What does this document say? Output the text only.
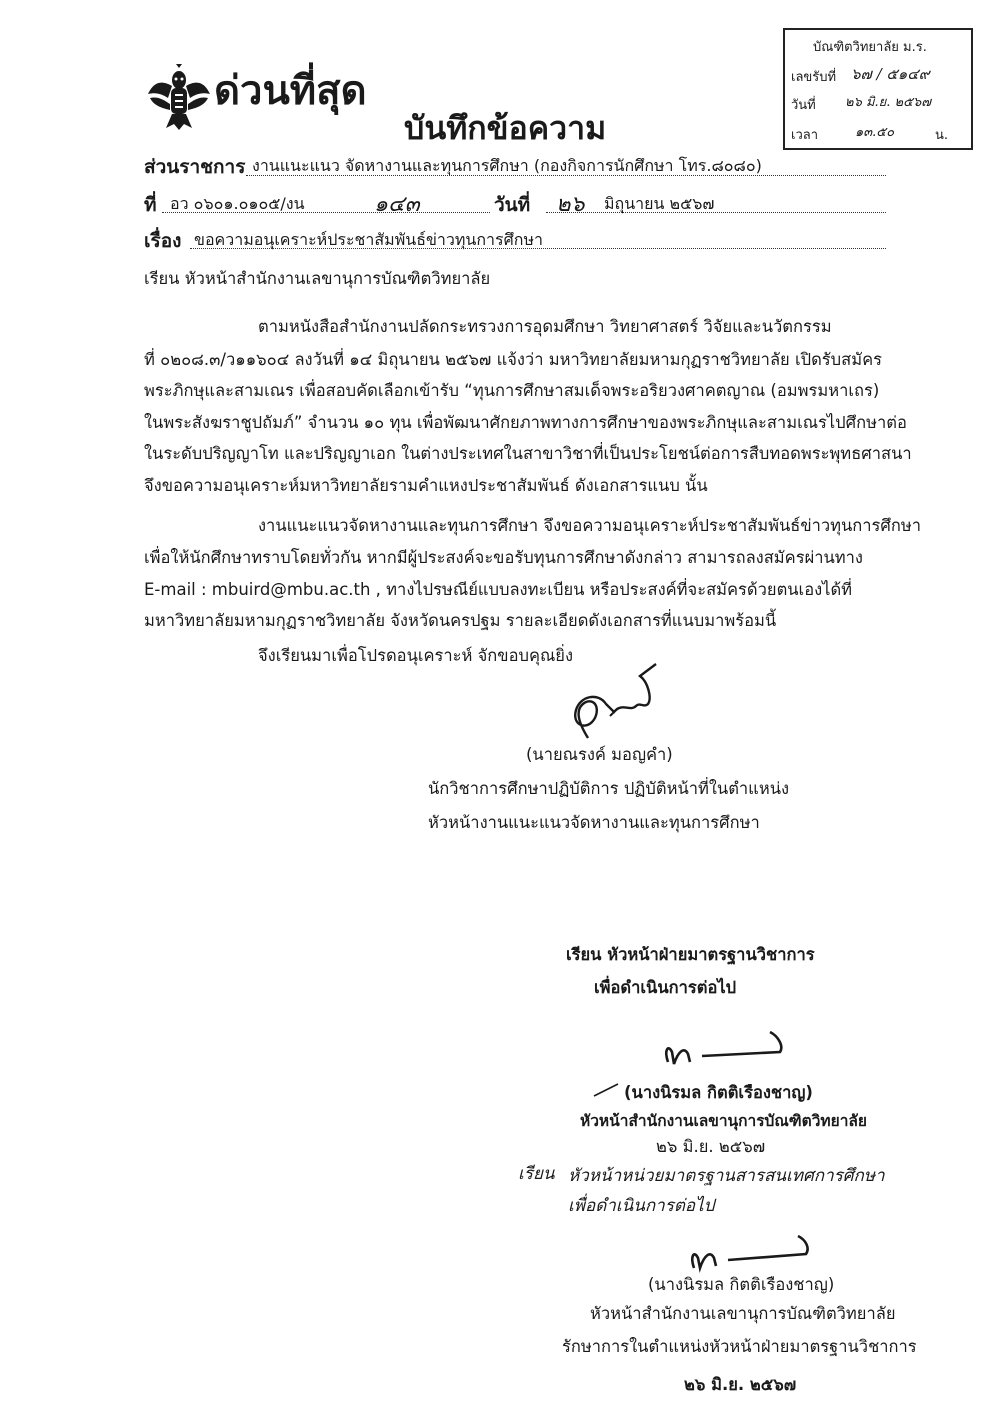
บัณฑิตวิทยาลัย ม.ร.
เลขรับที่ ๖๗ / ๕๑๔๙
วันที่ ๒๖ มิ.ย. ๒๕๖๗
เวลา	๑๓.๕๐	น.
ด่วนที่สุด
บันทึกข้อความ
ส่วนราชการ งานแนะแนว จัดหางานและทุนการศึกษา (กองกิจการนักศึกษา โทร.๘๐๘๐)
ที่ อว ๐๖๐๑.๐๑๐๕/งน	๑๔๓	วันที่ ๒๖ มิถุนายน ๒๕๖๗
เรื่อง ขอความอนุเคราะห์ประชาสัมพันธ์ข่าวทุนการศึกษา
เรียน หัวหน้าสำนักงานเลขานุการบัณฑิตวิทยาลัย
ตามหนังสือสำนักงานปลัดกระทรวงการอุดมศึกษา วิทยาศาสตร์ วิจัยและนวัตกรรม
ที่ ๐๒๐๘.๓/ว๑๑๖๐๔ ลงวันที่ ๑๔ มิถุนายน ๒๕๖๗ แจ้งว่า มหาวิทยาลัยมหามกุฏราชวิทยาลัย เปิดรับสมัคร
พระภิกษุและสามเณร เพื่อสอบคัดเลือกเข้ารับ “ทุนการศึกษาสมเด็จพระอริยวงศาคตญาณ (อมพรมหาเถร)
ในพระสังฆราชูปถัมภ์” จำนวน ๑๐ ทุน เพื่อพัฒนาศักยภาพทางการศึกษาของพระภิกษุและสามเณรไปศึกษาต่อ
ในระดับปริญญาโท และปริญญาเอก ในต่างประเทศในสาขาวิชาที่เป็นประโยชน์ต่อการสืบทอดพระพุทธศาสนา
จึงขอความอนุเคราะห์มหาวิทยาลัยรามคำแหงประชาสัมพันธ์ ดังเอกสารแนบ นั้น
งานแนะแนวจัดหางานและทุนการศึกษา จึงขอความอนุเคราะห์ประชาสัมพันธ์ข่าวทุนการศึกษา
เพื่อให้นักศึกษาทราบโดยทั่วกัน หากมีผู้ประสงค์จะขอรับทุนการศึกษาดังกล่าว สามารถลงสมัครผ่านทาง
E-mail : mbuird@mbu.ac.th , ทางไปรษณีย์แบบลงทะเบียน หรือประสงค์ที่จะสมัครด้วยตนเองได้ที่
มหาวิทยาลัยมหามกุฏราชวิทยาลัย จังหวัดนครปฐม รายละเอียดดังเอกสารที่แนบมาพร้อมนี้
จึงเรียนมาเพื่อโปรดอนุเคราะห์ จักขอบคุณยิ่ง
(นายณรงค์ มอญคำ)
นักวิชาการศึกษาปฏิบัติการ ปฏิบัติหน้าที่ในตำแหน่ง
หัวหน้างานแนะแนวจัดหางานและทุนการศึกษา
เรียน หัวหน้าฝ่ายมาตรฐานวิชาการ
เพื่อดำเนินการต่อไป
(นางนิรมล กิตติเรืองชาญ)
หัวหน้าสำนักงานเลขานุการบัณฑิตวิทยาลัย
๒๖ มิ.ย. ๒๕๖๗
เรียน หัวหน้าหน่วยมาตรฐานสารสนเทศการศึกษา
เพื่อดำเนินการต่อไป
(นางนิรมล กิตติเรืองชาญ)
หัวหน้าสำนักงานเลขานุการบัณฑิตวิทยาลัย
รักษาการในตำแหน่งหัวหน้าฝ่ายมาตรฐานวิชาการ
๒๖ มิ.ย. ๒๕๖๗
